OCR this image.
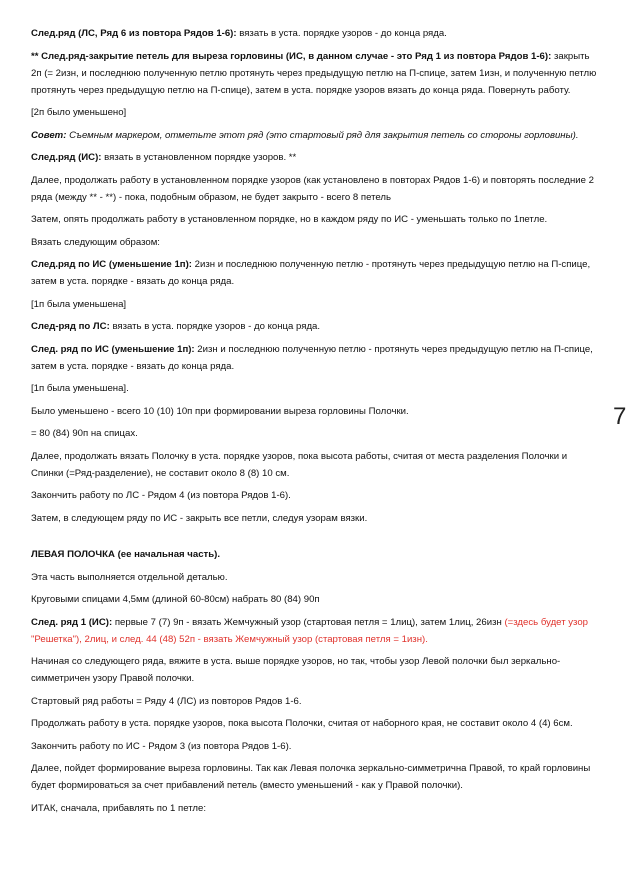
След.ряд (ЛС, Ряд 6 из повтора Рядов 1-6): вязать в уста. порядке узоров - до конца ряда.

** След.ряд-закрытие петель для выреза горловины (ИС, в данном случае - это Ряд 1 из повтора Рядов 1-6): закрыть 2п (= 2изн, и последнюю полученную петлю протянуть через предыдущую петлю на П-спице, затем 1изн, и полученную петлю протянуть через предыдущую петлю на П-спице), затем в уста. порядке узоров вязать до конца ряда. Повернуть работу.

[2п было уменьшено]

Совет: Съемным маркером, отметьте этот ряд (это стартовый ряд для закрытия петель со стороны горловины).

След.ряд (ИС): вязать в установленном порядке узоров. **

Далее, продолжать работу в установленном порядке узоров (как установлено в повторах Рядов 1-6) и повторять последние 2 ряда (между ** - **) - пока, подобным образом, не будет закрыто - всего 8 петель

Затем, опять продолжать работу в установленном порядке, но в каждом ряду по ИС - уменьшать только по 1петле.

Вязать следующим образом:

След.ряд по ИС (уменьшение 1п): 2изн и последнюю полученную петлю - протянуть через предыдущую петлю на П-спице, затем в уста. порядке - вязать до конца ряда.

[1п была уменьшена]

След-ряд по ЛС: вязать в уста. порядке узоров - до конца ряда.

След. ряд по ИС (уменьшение 1п): 2изн и последнюю полученную петлю - протянуть через предыдущую петлю на П-спице, затем в уста. порядке - вязать до конца ряда.

[1п была уменьшена].

Было уменьшено - всего 10 (10) 10п при формировании выреза горловины Полочки.

= 80 (84) 90п на спицах.

Далее, продолжать вязать Полочку в уста. порядке узоров, пока высота работы, считая от места разделения Полочки и Спинки (=Ряд-разделение), не составит около 8 (8) 10 см.

Закончить работу по ЛС - Рядом 4 (из повтора Рядов 1-6).

Затем, в следующем ряду по ИС - закрыть все петли, следуя узорам вязки.

ЛЕВАЯ ПОЛОЧКА (ее начальная часть).

Эта часть выполняется отдельной деталью.

Круговыми спицами 4,5мм (длиной 60-80см) набрать 80 (84) 90п

След. ряд 1 (ИС): первые 7 (7) 9п - вязать Жемчужный узор (стартовая петля = 1лиц), затем 1лиц, 26изн (=здесь будет узор "Решетка"), 2лиц, и след. 44 (48) 52п - вязать Жемчужный узор (стартовая петля = 1изн).

Начиная со следующего ряда, вяжите в уста. выше порядке узоров, но так, чтобы узор Левой полочки был зеркально-симметричен узору Правой полочки.

Стартовый ряд работы = Ряду 4 (ЛС) из повторов Рядов 1-6.

Продолжать работу в уста. порядке узоров, пока высота Полочки, считая от наборного края, не составит около 4 (4) 6см.

Закончить работу по ИС - Рядом 3 (из повтора Рядов 1-6).

Далее, пойдет формирование выреза горловины. Так как Левая полочка зеркально-симметрична Правой, то край горловины будет формироваться за счет прибавлений петель (вместо уменьшений - как у Правой полочки).

ИТАК, сначала, прибавлять по 1 петле:

7
